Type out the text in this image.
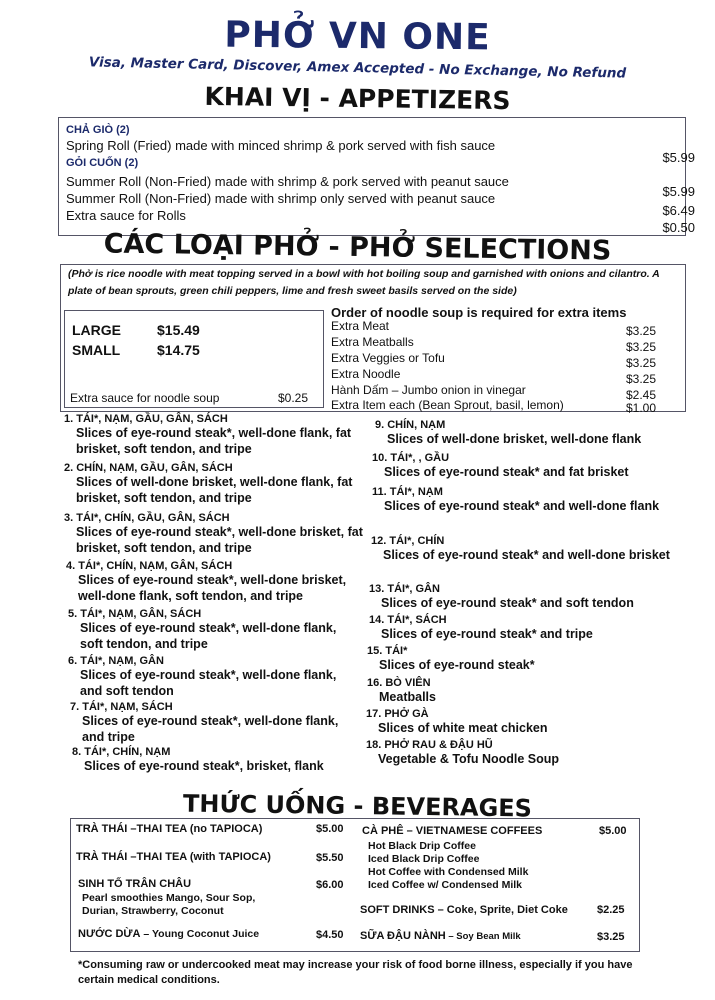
PHỞ VN ONE
Visa, Master Card, Discover, Amex Accepted - No Exchange, No Refund
KHAI VỊ - APPETIZERS
CHẢ GIÒ (2)
Spring Roll (Fried) made with minced shrimp & pork served with fish sauce
$5.99
GỎI CUỐN (2)
Summer Roll (Non-Fried) made with shrimp & pork served with peanut sauce
$5.99
Summer Roll (Non-Fried) made with shrimp only served with peanut sauce
$6.49
Extra sauce for Rolls
$0.50
CÁC LOẠI PHỞ - PHỞ SELECTIONS
(Phở is rice noodle with meat topping served in a bowl with hot boiling soup and garnished with onions and cilantro. A plate of bean sprouts, green chili peppers, lime and fresh sweet basils served on the side)
LARGE	$15.49
SMALL	$14.75
Extra sauce for noodle soup	$0.25
Order of noodle soup is required for extra items
Extra Meat	$3.25
Extra Meatballs	$3.25
Extra Veggies or Tofu	$3.25
Extra Noodle	$3.25
Hành Dấm – Jumbo onion in vinegar	$2.45
Extra Item each (Bean Sprout, basil, lemon)	$1.00
1. TÁI*, NẠM, GẦU, GÂN, SÁCH
Slices of eye-round steak*, well-done flank, fat brisket, soft tendon, and tripe
2. CHÍN, NẠM, GẦU, GÂN, SÁCH
Slices of well-done brisket, well-done flank, fat brisket, soft tendon, and tripe
3. TÁI*, CHÍN, GẦU, GÂN, SÁCH
Slices of eye-round steak*, well-done brisket, fat brisket, soft tendon, and tripe
4. TÁI*, CHÍN, NẠM, GÂN, SÁCH
Slices of eye-round steak*, well-done brisket, well-done flank, soft tendon, and tripe
5. TÁI*, NẠM, GÂN, SÁCH
Slices of eye-round steak*, well-done flank, soft tendon, and tripe
6. TÁI*, NẠM, GÂN
Slices of eye-round steak*, well-done flank, and soft tendon
7. TÁI*, NẠM, SÁCH
Slices of eye-round steak*, well-done flank, and tripe
8. TÁI*, CHÍN, NẠM
Slices of eye-round steak*, brisket, flank
9. CHÍN, NẠM
Slices of well-done brisket, well-done flank
10. TÁI*, , GẦU
Slices of eye-round steak* and fat brisket
11. TÁI*, NẠM
Slices of eye-round steak* and well-done flank
12. TÁI*, CHÍN
Slices of eye-round steak* and well-done brisket
13. TÁI*, GÂN
Slices of eye-round steak* and soft tendon
14. TÁI*, SÁCH
Slices of eye-round steak* and tripe
15. TÁI*
Slices of eye-round steak*
16. BÒ VIÊN
Meatballs
17. PHỞ GÀ
Slices of white meat chicken
18. PHỞ RAU & ĐẬU HŨ
Vegetable & Tofu Noodle Soup
THỨC UỐNG - BEVERAGES
TRÀ THÁI –THAI TEA (no TAPIOCA)	$5.00
TRÀ THÁI –THAI TEA (with TAPIOCA)	$5.50
SINH TỐ TRÂN CHÂU	$6.00
Pearl smoothies Mango, Sour Sop, Durian, Strawberry, Coconut
NƯỚC DỪA – Young Coconut Juice	$4.50
CÀ PHÊ – VIETNAMESE COFFEES	$5.00
Hot Black Drip Coffee
Iced Black Drip Coffee
Hot Coffee with Condensed Milk
Iced Coffee w/ Condensed Milk
SOFT DRINKS – Coke, Sprite, Diet Coke	$2.25
SỮA ĐẬU NÀNH – Soy Bean Milk	$3.25
*Consuming raw or undercooked meat may increase your risk of food borne illness, especially if you have certain medical conditions.
